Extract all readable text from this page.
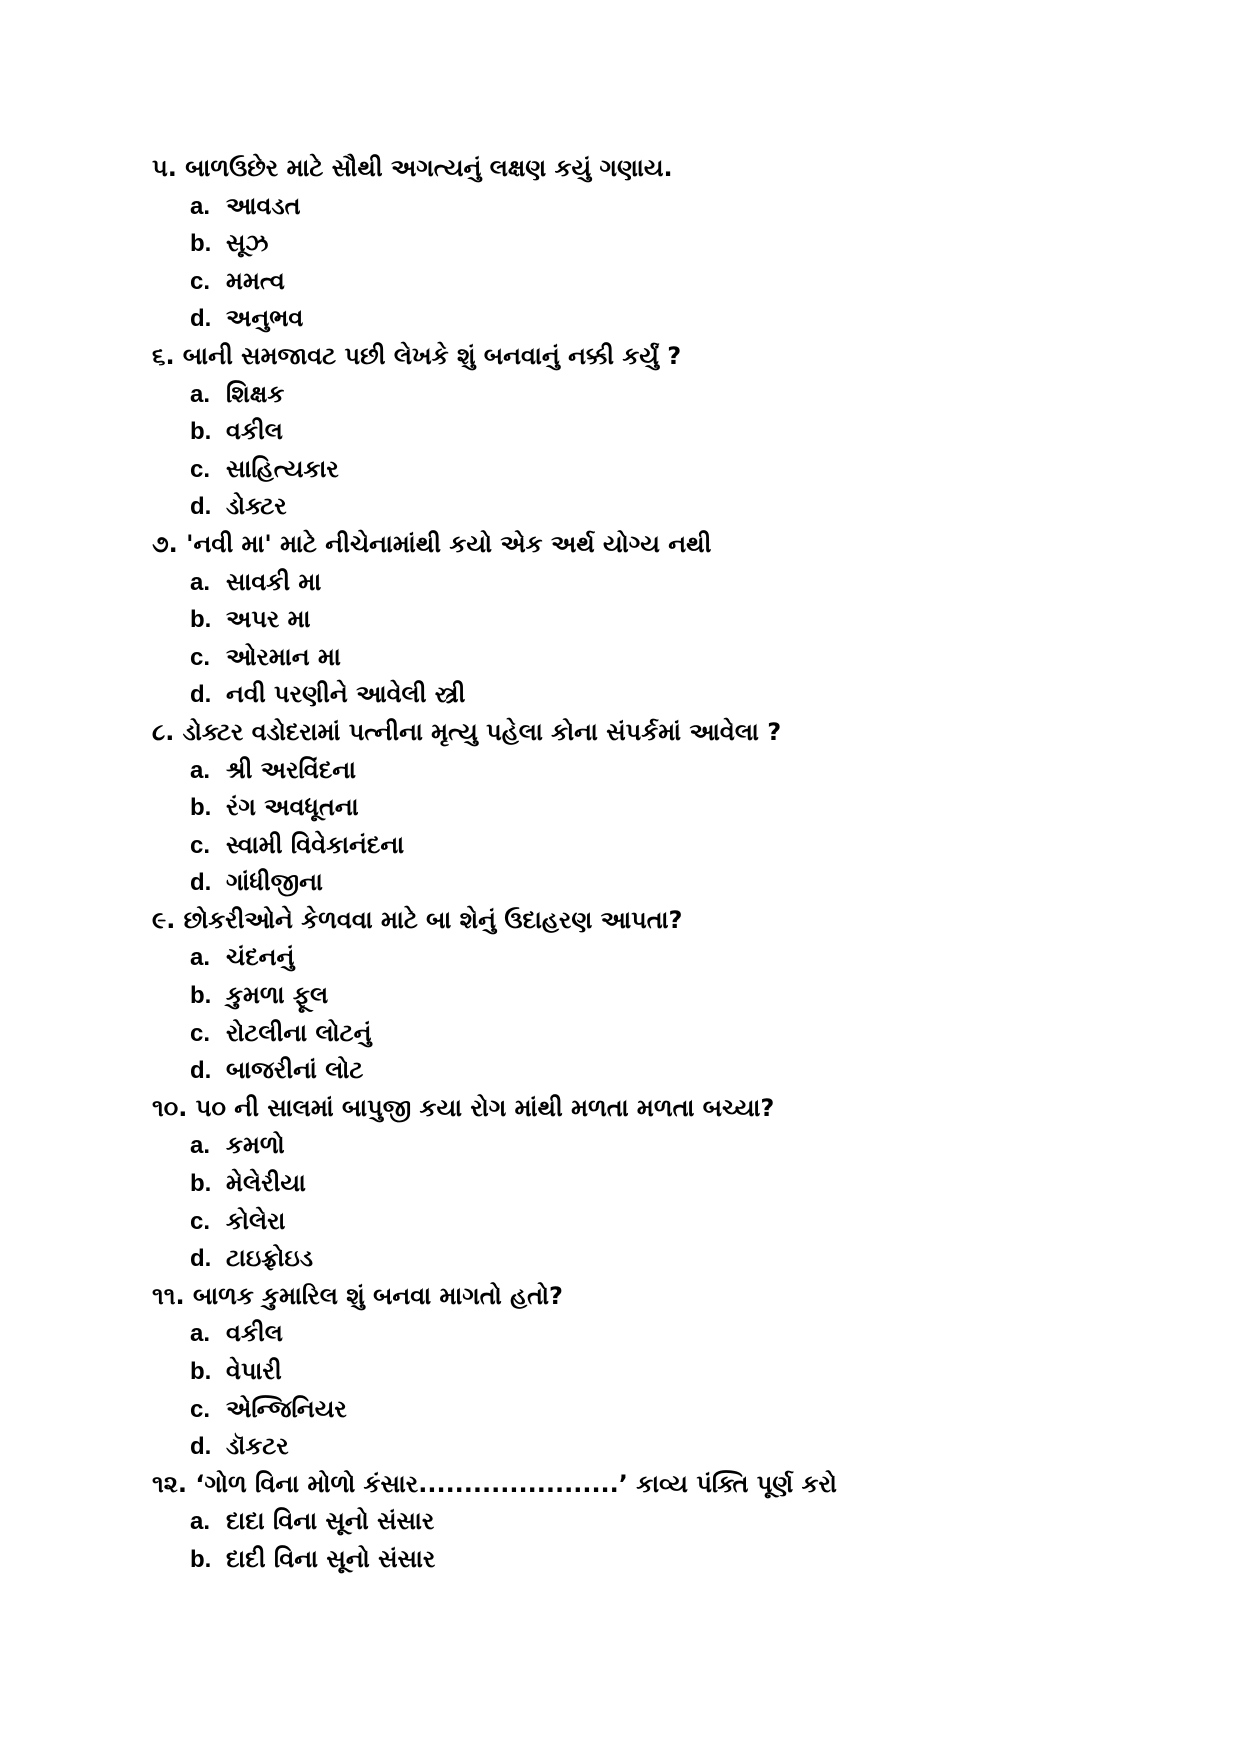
૫. બાળઉછેર માટે સૌથી અગત્યનું લક્ષણ કયું ગણાય.
a. આવડત
b. સૂઝ
c. મમત્વ
d. અનુભવ
૬. બાની સમજાવટ પછી લેખકે શું બનવાનું નક્કી કર્યું ?
a. શિક્ષક
b. વકીલ
c. સાહિત્યકાર
d. ડોક્ટર
૭. 'નવી મા' માટે નીચેનામાંથી કયો એક અર્થ યોગ્ય નથી
a. સાવકી મા
b. અપર મા
c. ઓરમાન મા
d. નવી પરણીને આવેલી સ્ત્રી
૮. ડોક્ટર વડોદરામાં પત્નીના મૃત્યુ પહેલા કોના સંપર્કમાં આવેલા ?
a. શ્રી અરવિંદના
b. રંગ અવધૂતના
c. સ્વામી વિવેકાનંદના
d. ગાંધીજીના
૯. છોકરીઓને કેળવવા માટે બા શેનું ઉદાહરણ આપતા?
a. ચંદનનું
b. કુમળા ફૂલ
c. રોટલીના લોટનું
d. બાજરીનાં લોટ
૧૦. ૫૦ ની સાલમાં બાપુજી કયા રોગ માંથી મળતા મળતા બચ્યા?
a. કમળો
b. મેલેરીયા
c. કોલેરા
d. ટાઇફ્રોઇડ
૧૧. બાળક કુમારિલ શું બનવા માગતો હતો?
a. વકીલ
b. વેપારી
c. એન્જિનિયર
d. ડૉકટર
૧૨. ‘ગોળ વિના મોળો કંસાર......................’ કાવ્ય પંક્તિ પૂર્ણ કરો
a. દાદા વિના સૂનો સંસાર
b. દાદી વિના સૂનો સંસાર
